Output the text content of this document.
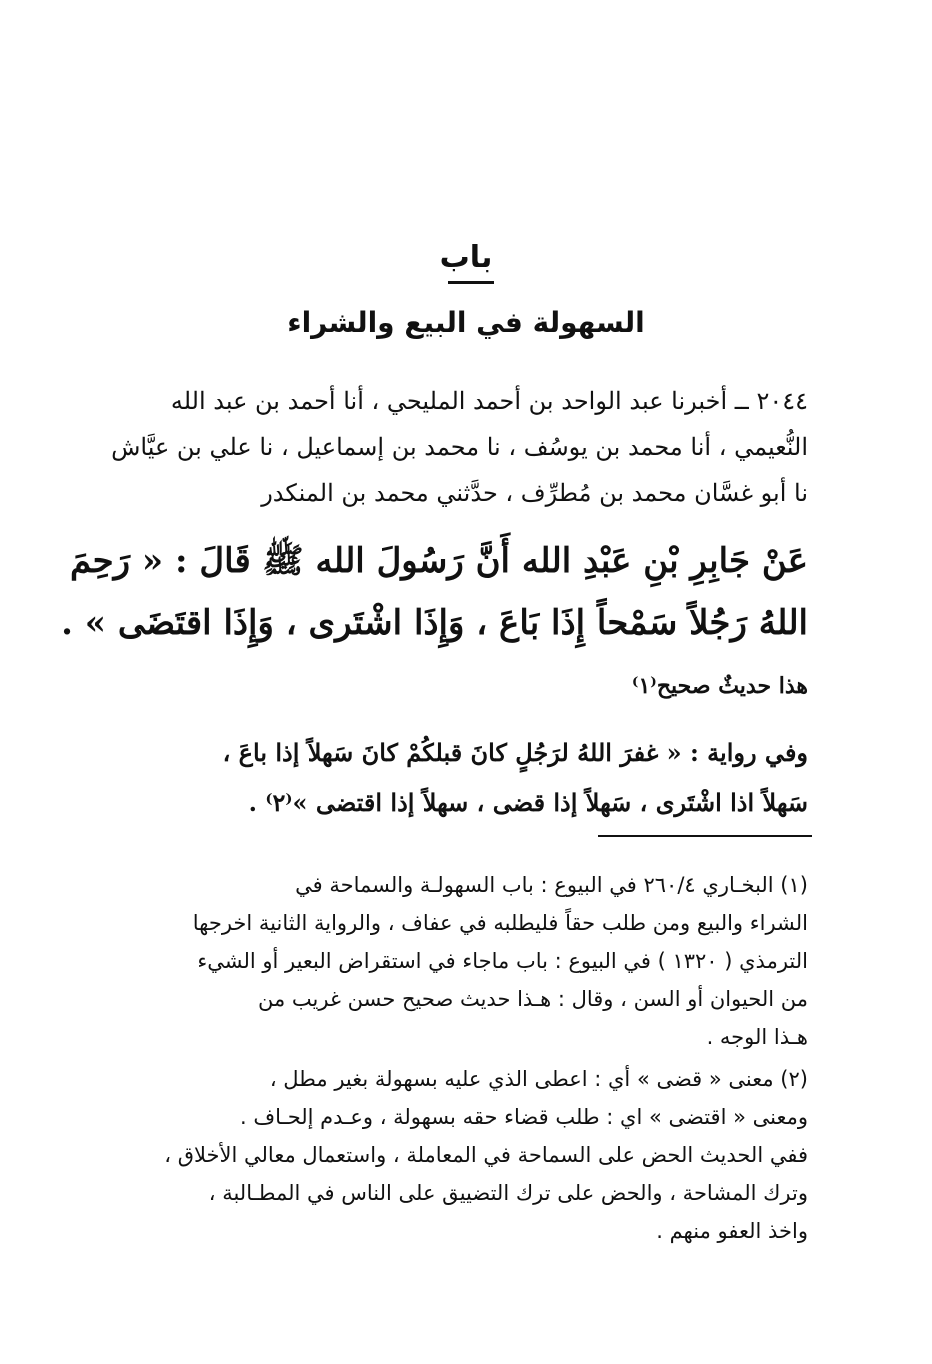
باب
السهولة في البيع والشراء
٢٠٤٤ ــ أخبرنا عبد الواحد بن أحمد المليحي ، أنا أحمد بن عبد الله
النُّعيمي ، أنا محمد بن يوسُف ، نا محمد بن إسماعيل ، نا علي بن عيَّاش
نا أبو غسَّان محمد بن مُطرِّف ، حدَّثني محمد بن المنكدر
عَنْ جَابِرِ بْنِ عَبْدِ الله أَنَّ رَسُولَ الله ﷺ قَالَ : « رَحِمَ
اللهُ رَجُلاً سَمْحاً إِذَا بَاعَ ، وَإِذَا اشْتَرى ، وَإِذَا اقتَضَى » .
هذا حديثٌ صحيح⁽١⁾
وفي رواية : « غفرَ اللهُ لرَجُلٍ كانَ قبلكُمْ كانَ سَهلاً إذا باعَ ،
سَهلاً اذا اشْتَرى ، سَهلاً إذا قضى ، سهلاً إذا اقتضى »⁽٢⁾ .
(١) البخـاري ٢٦٠/٤ في البيوع : باب السهولـة والسماحة في
الشراء والبيع ومن طلب حقاً فليطلبه في عفاف ، والرواية الثانية اخرجها
الترمذي ( ١٣٢٠ ) في البيوع : باب ماجاء في استقراض البعير أو الشيء
من الحيوان أو السن ، وقال : هـذا حديث صحيح حسن غريب من
هـذا الوجه .
(٢) معنى « قضى » أي : اعطى الذي عليه بسهولة بغير مطل ،
ومعنى « اقتضى » اي : طلب قضاء حقه بسهولة ، وعـدم إلحـاف .
ففي الحديث الحض على السماحة في المعاملة ، واستعمال معالي الأخلاق ،
وترك المشاحة ، والحض على ترك التضييق على الناس في المطـالبة ،
واخذ العفو منهم .
